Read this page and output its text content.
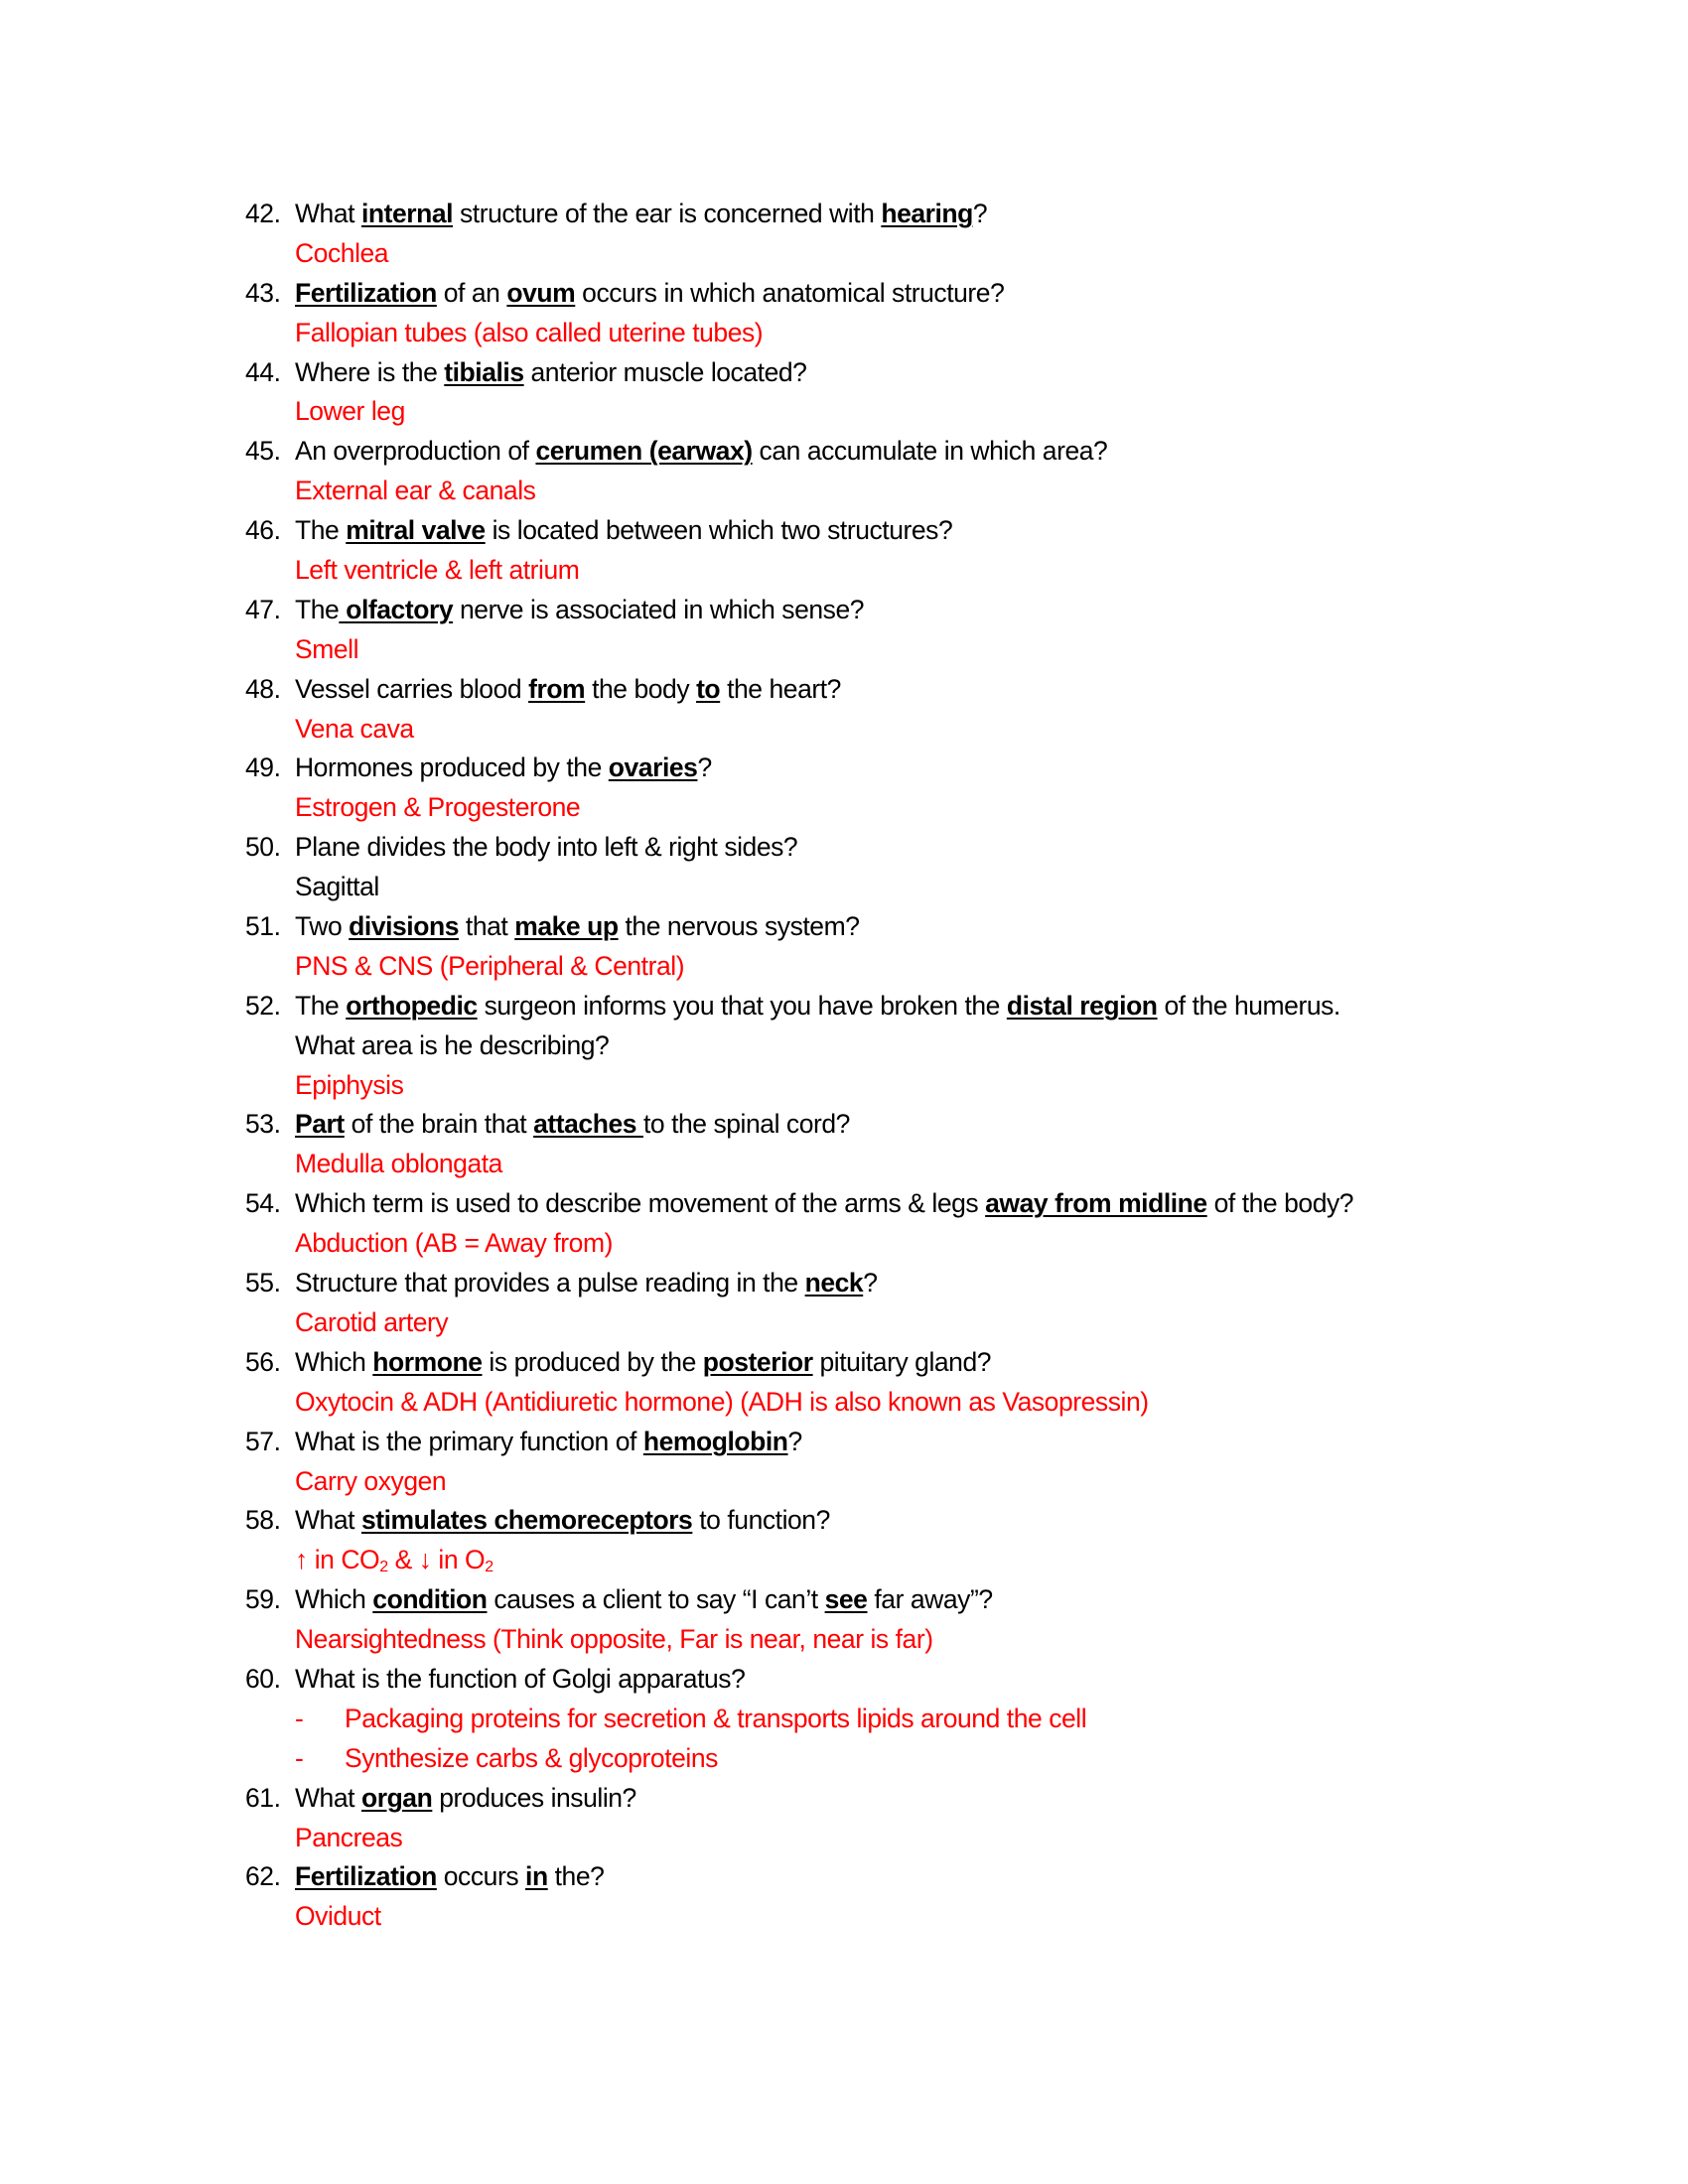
42. What internal structure of the ear is concerned with hearing?
Cochlea
43. Fertilization of an ovum occurs in which anatomical structure?
Fallopian tubes (also called uterine tubes)
44. Where is the tibialis anterior muscle located?
Lower leg
45. An overproduction of cerumen (earwax) can accumulate in which area?
External ear & canals
46. The mitral valve is located between which two structures?
Left ventricle & left atrium
47. The olfactory nerve is associated in which sense?
Smell
48. Vessel carries blood from the body to the heart?
Vena cava
49. Hormones produced by the ovaries?
Estrogen & Progesterone
50. Plane divides the body into left & right sides?
Sagittal
51. Two divisions that make up the nervous system?
PNS & CNS (Peripheral & Central)
52. The orthopedic surgeon informs you that you have broken the distal region of the humerus.
What area is he describing?
Epiphysis
53. Part of the brain that attaches to the spinal cord?
Medulla oblongata
54. Which term is used to describe movement of the arms & legs away from midline of the body?
Abduction (AB = Away from)
55. Structure that provides a pulse reading in the neck?
Carotid artery
56. Which hormone is produced by the posterior pituitary gland?
Oxytocin & ADH (Antidiuretic hormone) (ADH is also known as Vasopressin)
57. What is the primary function of hemoglobin?
Carry oxygen
58. What stimulates chemoreceptors to function?
↑ in $CO_2$ & ↓ in $O_2$
59. Which condition causes a client to say “I can’t see far away”?
Nearsightedness (Think opposite, Far is near, near is far)
60. What is the function of Golgi apparatus?
- Packaging proteins for secretion & transports lipids around the cell
- Synthesize carbs & glycoproteins
61. What organ produces insulin?
Pancreas
62. Fertilization occurs in the?
Oviduct
